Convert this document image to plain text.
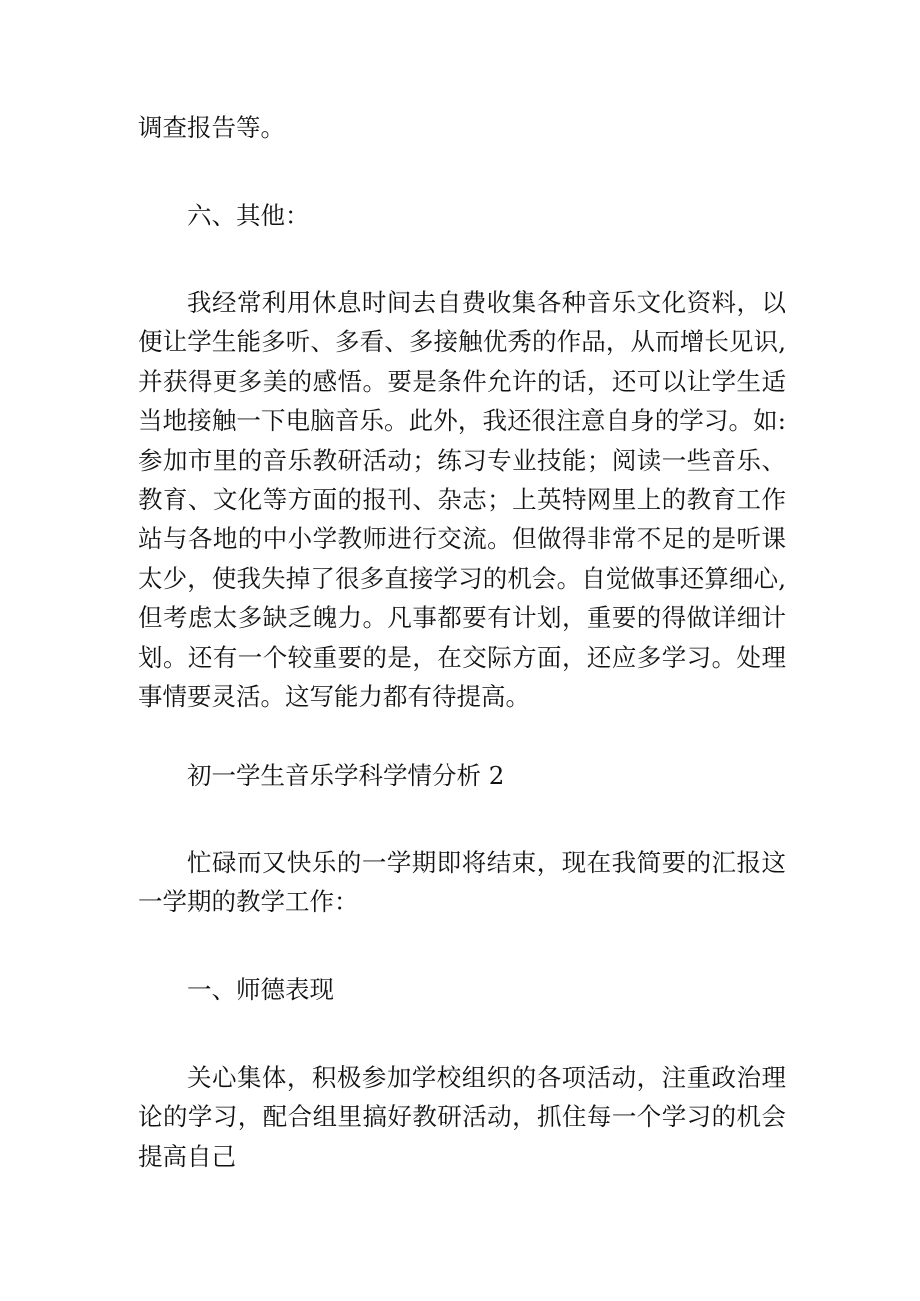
调查报告等。

六、其他：

我经常利用休息时间去自费收集各种音乐文化资料，以便让学生能多听、多看、多接触优秀的作品，从而增长见识,并获得更多美的感悟。要是条件允许的话，还可以让学生适当地接触一下电脑音乐。此外，我还很注意自身的学习。如:参加市里的音乐教研活动；练习专业技能；阅读一些音乐、教育、文化等方面的报刊、杂志；上英特网里上的教育工作站与各地的中小学教师进行交流。但做得非常不足的是听课太少，使我失掉了很多直接学习的机会。自觉做事还算细心,但考虑太多缺乏魄力。凡事都要有计划，重要的得做详细计划。还有一个较重要的是，在交际方面，还应多学习。处理事情要灵活。这写能力都有待提高。

初一学生音乐学科学情分析 2

忙碌而又快乐的一学期即将结束，现在我简要的汇报这一学期的教学工作：

一、师德表现

关心集体，积极参加学校组织的各项活动，注重政治理论的学习，配合组里搞好教研活动，抓住每一个学习的机会提高自己
